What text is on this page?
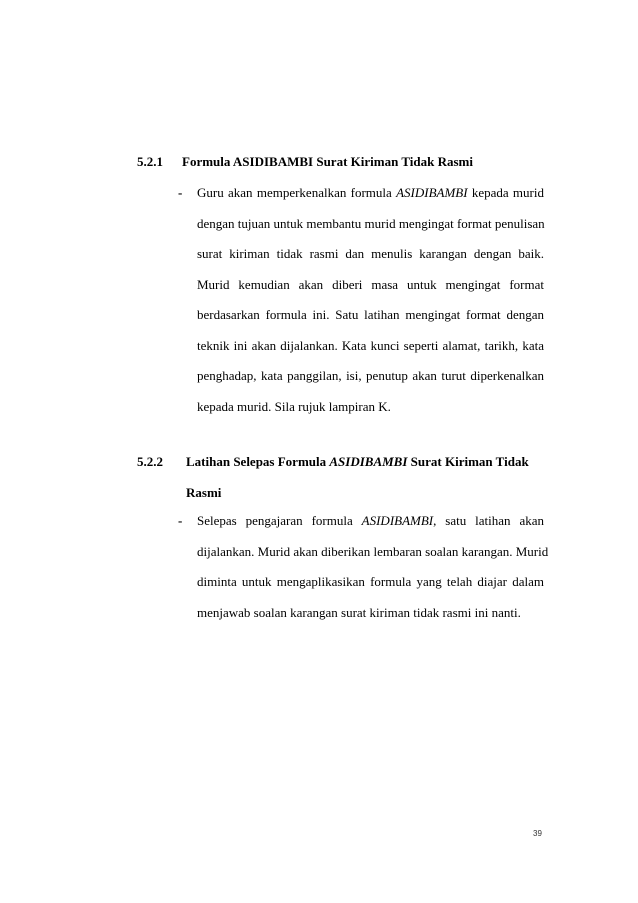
5.2.1 Formula ASIDIBAMBI Surat Kiriman Tidak Rasmi
- Guru akan memperkenalkan formula ASIDIBAMBI kepada murid
dengan tujuan untuk membantu murid mengingat format penulisan
surat kiriman tidak rasmi dan menulis karangan dengan baik.
Murid kemudian akan diberi masa untuk mengingat format
berdasarkan formula ini. Satu latihan mengingat format dengan
teknik ini akan dijalankan. Kata kunci seperti alamat, tarikh, kata
penghadap, kata panggilan, isi, penutup akan turut diperkenalkan
kepada murid. Sila rujuk lampiran K.
5.2.2 Latihan Selepas Formula ASIDIBAMBI Surat Kiriman Tidak
Rasmi
- Selepas pengajaran formula ASIDIBAMBI, satu latihan akan
dijalankan. Murid akan diberikan lembaran soalan karangan. Murid
diminta untuk mengaplikasikan formula yang telah diajar dalam
menjawab soalan karangan surat kiriman tidak rasmi ini nanti.
39
